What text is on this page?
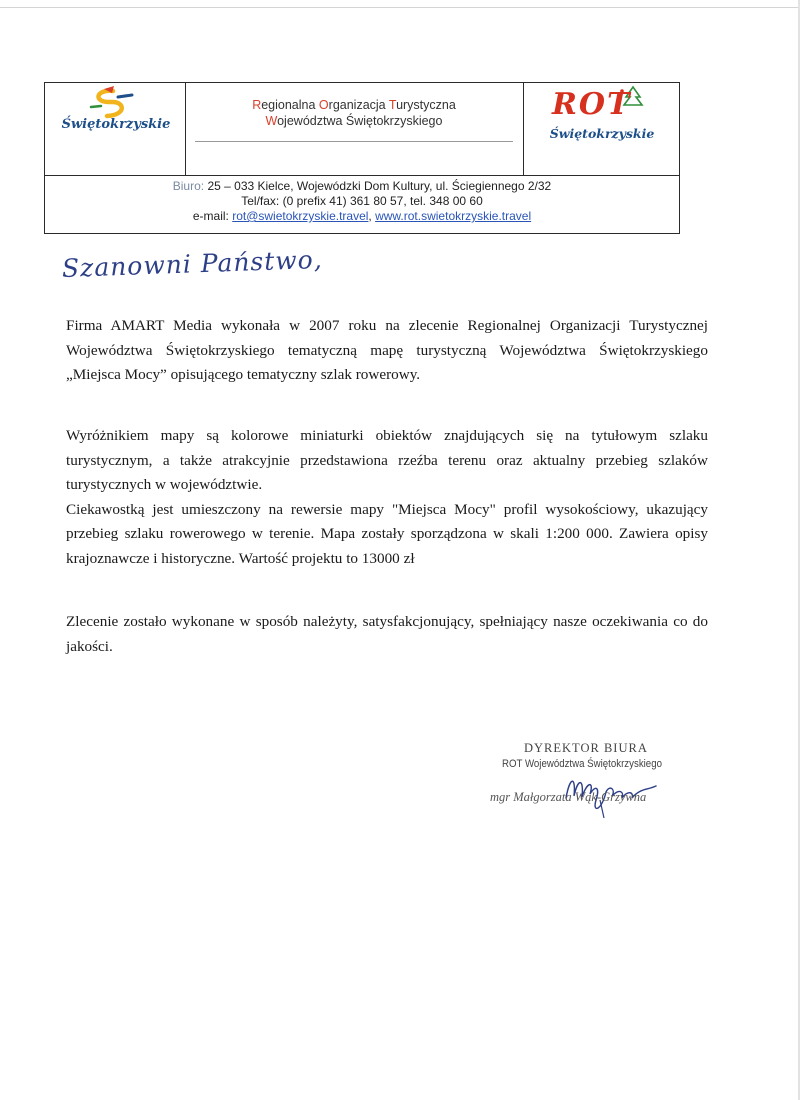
Świętokrzyskie
Regionalna Organizacja Turystyczna
Województwa Świętokrzyskiego	ROT
Świętokrzyskie
Biuro: 25 – 033 Kielce, Wojewódzki Dom Kultury, ul. Ściegiennego 2/32
Tel/fax: (0 prefix 41) 361 80 57, tel. 348 00 60
e-mail: rot@swietokrzyskie.travel, www.rot.swietokrzyskie.travel
Szanowni Państwo,
Firma AMART Media wykonała w 2007 roku na zlecenie Regionalnej Organizacji Turystycznej Województwa Świętokrzyskiego tematyczną mapę turystyczną Województwa Świętokrzyskiego „Miejsca Mocy” opisującego tematyczny szlak rowerowy.
Wyróżnikiem mapy są kolorowe miniaturki obiektów znajdujących się na tytułowym szlaku turystycznym, a także atrakcyjnie przedstawiona rzeźba terenu oraz aktualny przebieg szlaków turystycznych w województwie.
Ciekawostką jest umieszczony na rewersie mapy "Miejsca Mocy" profil wysokościowy, ukazujący przebieg szlaku rowerowego w terenie. Mapa zostały sporządzona w skali 1:200 000. Zawiera opisy krajoznawcze i historyczne. Wartość projektu to 13000 zł
Zlecenie zostało wykonane w sposób należyty, satysfakcjonujący, spełniający nasze oczekiwania co do jakości.
DYREKTOR BIURA
ROT Województwa Świętokrzyskiego
mgr Małgorzata Wąk-Grzywna
